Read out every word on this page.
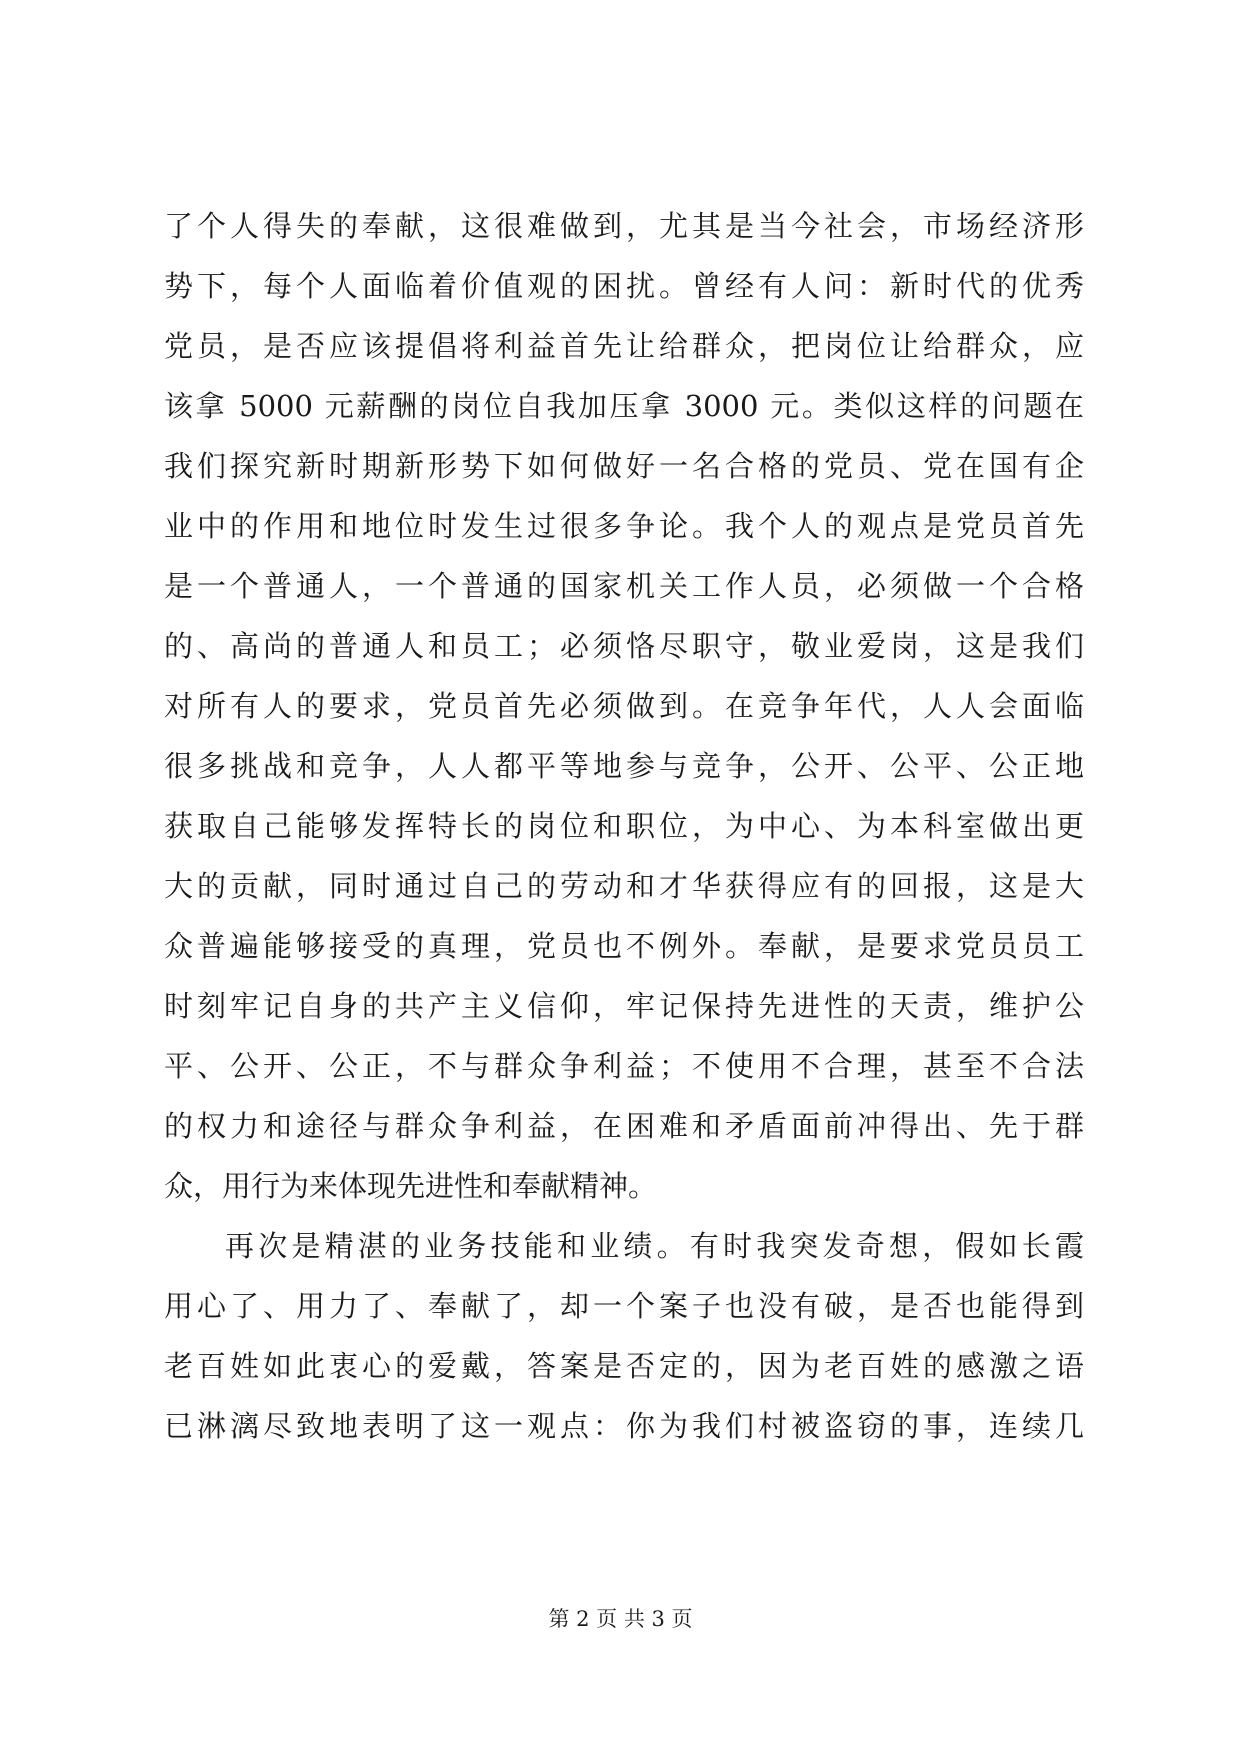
了个人得失的奉献，这很难做到，尤其是当今社会，市场经济形
势下，每个人面临着价值观的困扰。曾经有人问：新时代的优秀
党员，是否应该提倡将利益首先让给群众，把岗位让给群众，应
该拿 5000 元薪酬的岗位自我加压拿 3000 元。类似这样的问题在
我们探究新时期新形势下如何做好一名合格的党员、党在国有企
业中的作用和地位时发生过很多争论。我个人的观点是党员首先
是一个普通人，一个普通的国家机关工作人员，必须做一个合格
的、高尚的普通人和员工；必须恪尽职守，敬业爱岗，这是我们
对所有人的要求，党员首先必须做到。在竞争年代，人人会面临
很多挑战和竞争，人人都平等地参与竞争，公开、公平、公正地
获取自己能够发挥特长的岗位和职位，为中心、为本科室做出更
大的贡献，同时通过自己的劳动和才华获得应有的回报，这是大
众普遍能够接受的真理，党员也不例外。奉献，是要求党员员工
时刻牢记自身的共产主义信仰，牢记保持先进性的天责，维护公
平、公开、公正，不与群众争利益；不使用不合理，甚至不合法
的权力和途径与群众争利益，在困难和矛盾面前冲得出、先于群
众，用行为来体现先进性和奉献精神。
再次是精湛的业务技能和业绩。有时我突发奇想，假如长霞
用心了、用力了、奉献了，却一个案子也没有破，是否也能得到
老百姓如此衷心的爱戴，答案是否定的，因为老百姓的感激之语
已淋漓尽致地表明了这一观点：你为我们村被盗窃的事，连续几
第 2 页 共 3 页
